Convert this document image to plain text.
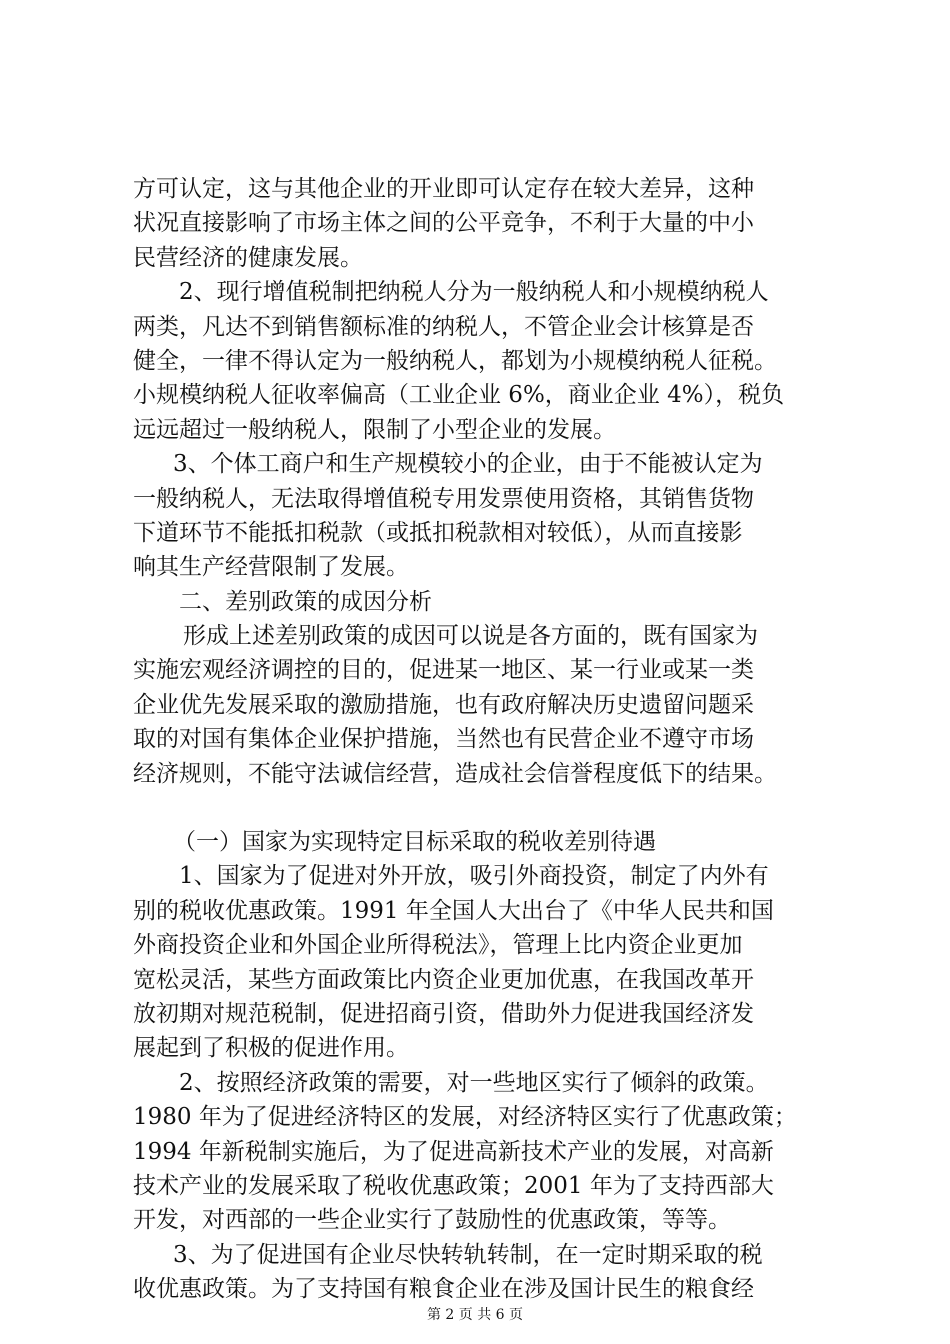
方可认定，这与其他企业的开业即可认定存在较大差异，这种
状况直接影响了市场主体之间的公平竞争，不利于大量的中小
民营经济的健康发展。
2、现行增值税制把纳税人分为一般纳税人和小规模纳税人
两类，凡达不到销售额标准的纳税人，不管企业会计核算是否
健全，一律不得认定为一般纳税人，都划为小规模纳税人征税。
小规模纳税人征收率偏高（工业企业 6%，商业企业 4%），税负
远远超过一般纳税人，限制了小型企业的发展。
3、个体工商户和生产规模较小的企业，由于不能被认定为
一般纳税人，无法取得增值税专用发票使用资格，其销售货物
下道环节不能抵扣税款（或抵扣税款相对较低），从而直接影
响其生产经营限制了发展。
二、差别政策的成因分析
形成上述差别政策的成因可以说是各方面的，既有国家为
实施宏观经济调控的目的，促进某一地区、某一行业或某一类
企业优先发展采取的激励措施，也有政府解决历史遗留问题采
取的对国有集体企业保护措施，当然也有民营企业不遵守市场
经济规则，不能守法诚信经营，造成社会信誉程度低下的结果。
（一）国家为实现特定目标采取的税收差别待遇
1、国家为了促进对外开放，吸引外商投资，制定了内外有
别的税收优惠政策。1991 年全国人大出台了《中华人民共和国
外商投资企业和外国企业所得税法》，管理上比内资企业更加
宽松灵活，某些方面政策比内资企业更加优惠，在我国改革开
放初期对规范税制，促进招商引资，借助外力促进我国经济发
展起到了积极的促进作用。
2、按照经济政策的需要，对一些地区实行了倾斜的政策。
1980 年为了促进经济特区的发展，对经济特区实行了优惠政策；
1994 年新税制实施后，为了促进高新技术产业的发展，对高新
技术产业的发展采取了税收优惠政策；2001 年为了支持西部大
开发，对西部的一些企业实行了鼓励性的优惠政策，等等。
3、为了促进国有企业尽快转轨转制，在一定时期采取的税
收优惠政策。为了支持国有粮食企业在涉及国计民生的粮食经
第 2 页 共 6 页
